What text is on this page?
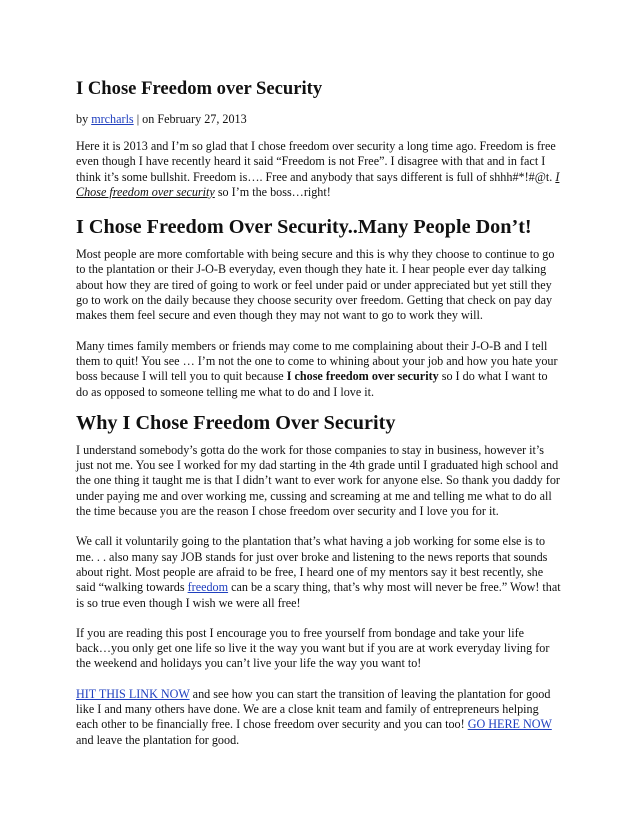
I Chose Freedom over Security
by mrcharls | on February 27, 2013

Here it is 2013 and I’m so glad that I chose freedom over security a long time ago. Freedom is free even though I have recently heard it said “Freedom is not Free”. I disagree with that and in fact I think it’s some bullshit. Freedom is…. Free and anybody that says different is full of shhh#*!#@t. I Chose freedom over security so I’m the boss…right!

I Chose Freedom Over Security..Many People Don’t!

Most people are more comfortable with being secure and this is why they choose to continue to go to the plantation or their J-O-B everyday, even though they hate it. I hear people ever day talking about how they are tired of going to work or feel under paid or under appreciated but yet still they go to work on the daily because they choose security over freedom. Getting that check on pay day makes them feel secure and even though they may not want to go to work they will.

Many times family members or friends may come to me complaining about their J-O-B and I tell them to quit! You see … I’m not the one to come to whining about your job and how you hate your boss because I will tell you to quit because I chose freedom over security so I do what I want to do as opposed to someone telling me what to do and I love it.

Why I Chose Freedom Over Security

I understand somebody’s gotta do the work for those companies to stay in business, however it’s just not me. You see I worked for my dad starting in the 4th grade until I graduated high school and the one thing it taught me is that I didn’t want to ever work for anyone else. So thank you daddy for under paying me and over working me, cussing and screaming at me and telling me what to do all the time because you are the reason I chose freedom over security and I love you for it.

We call it voluntarily going to the plantation that’s what having a job working for some else is to me. . . also many say JOB stands for just over broke and listening to the news reports that sounds about right. Most people are afraid to be free, I heard one of my mentors say it best recently, she said “walking towards freedom can be a scary thing, that’s why most will never be free.” Wow! that is so true even though I wish we were all free!

If you are reading this post I encourage you to free yourself from bondage and take your life back…you only get one life so live it the way you want but if you are at work everyday living for the weekend and holidays you can’t live your life the way you want to!

HIT THIS LINK NOW and see how you can start the transition of leaving the plantation for good like I and many others have done. We are a close knit team and family of entrepreneurs helping each other to be financially free. I chose freedom over security and you can too! GO HERE NOW and leave the plantation for good.
